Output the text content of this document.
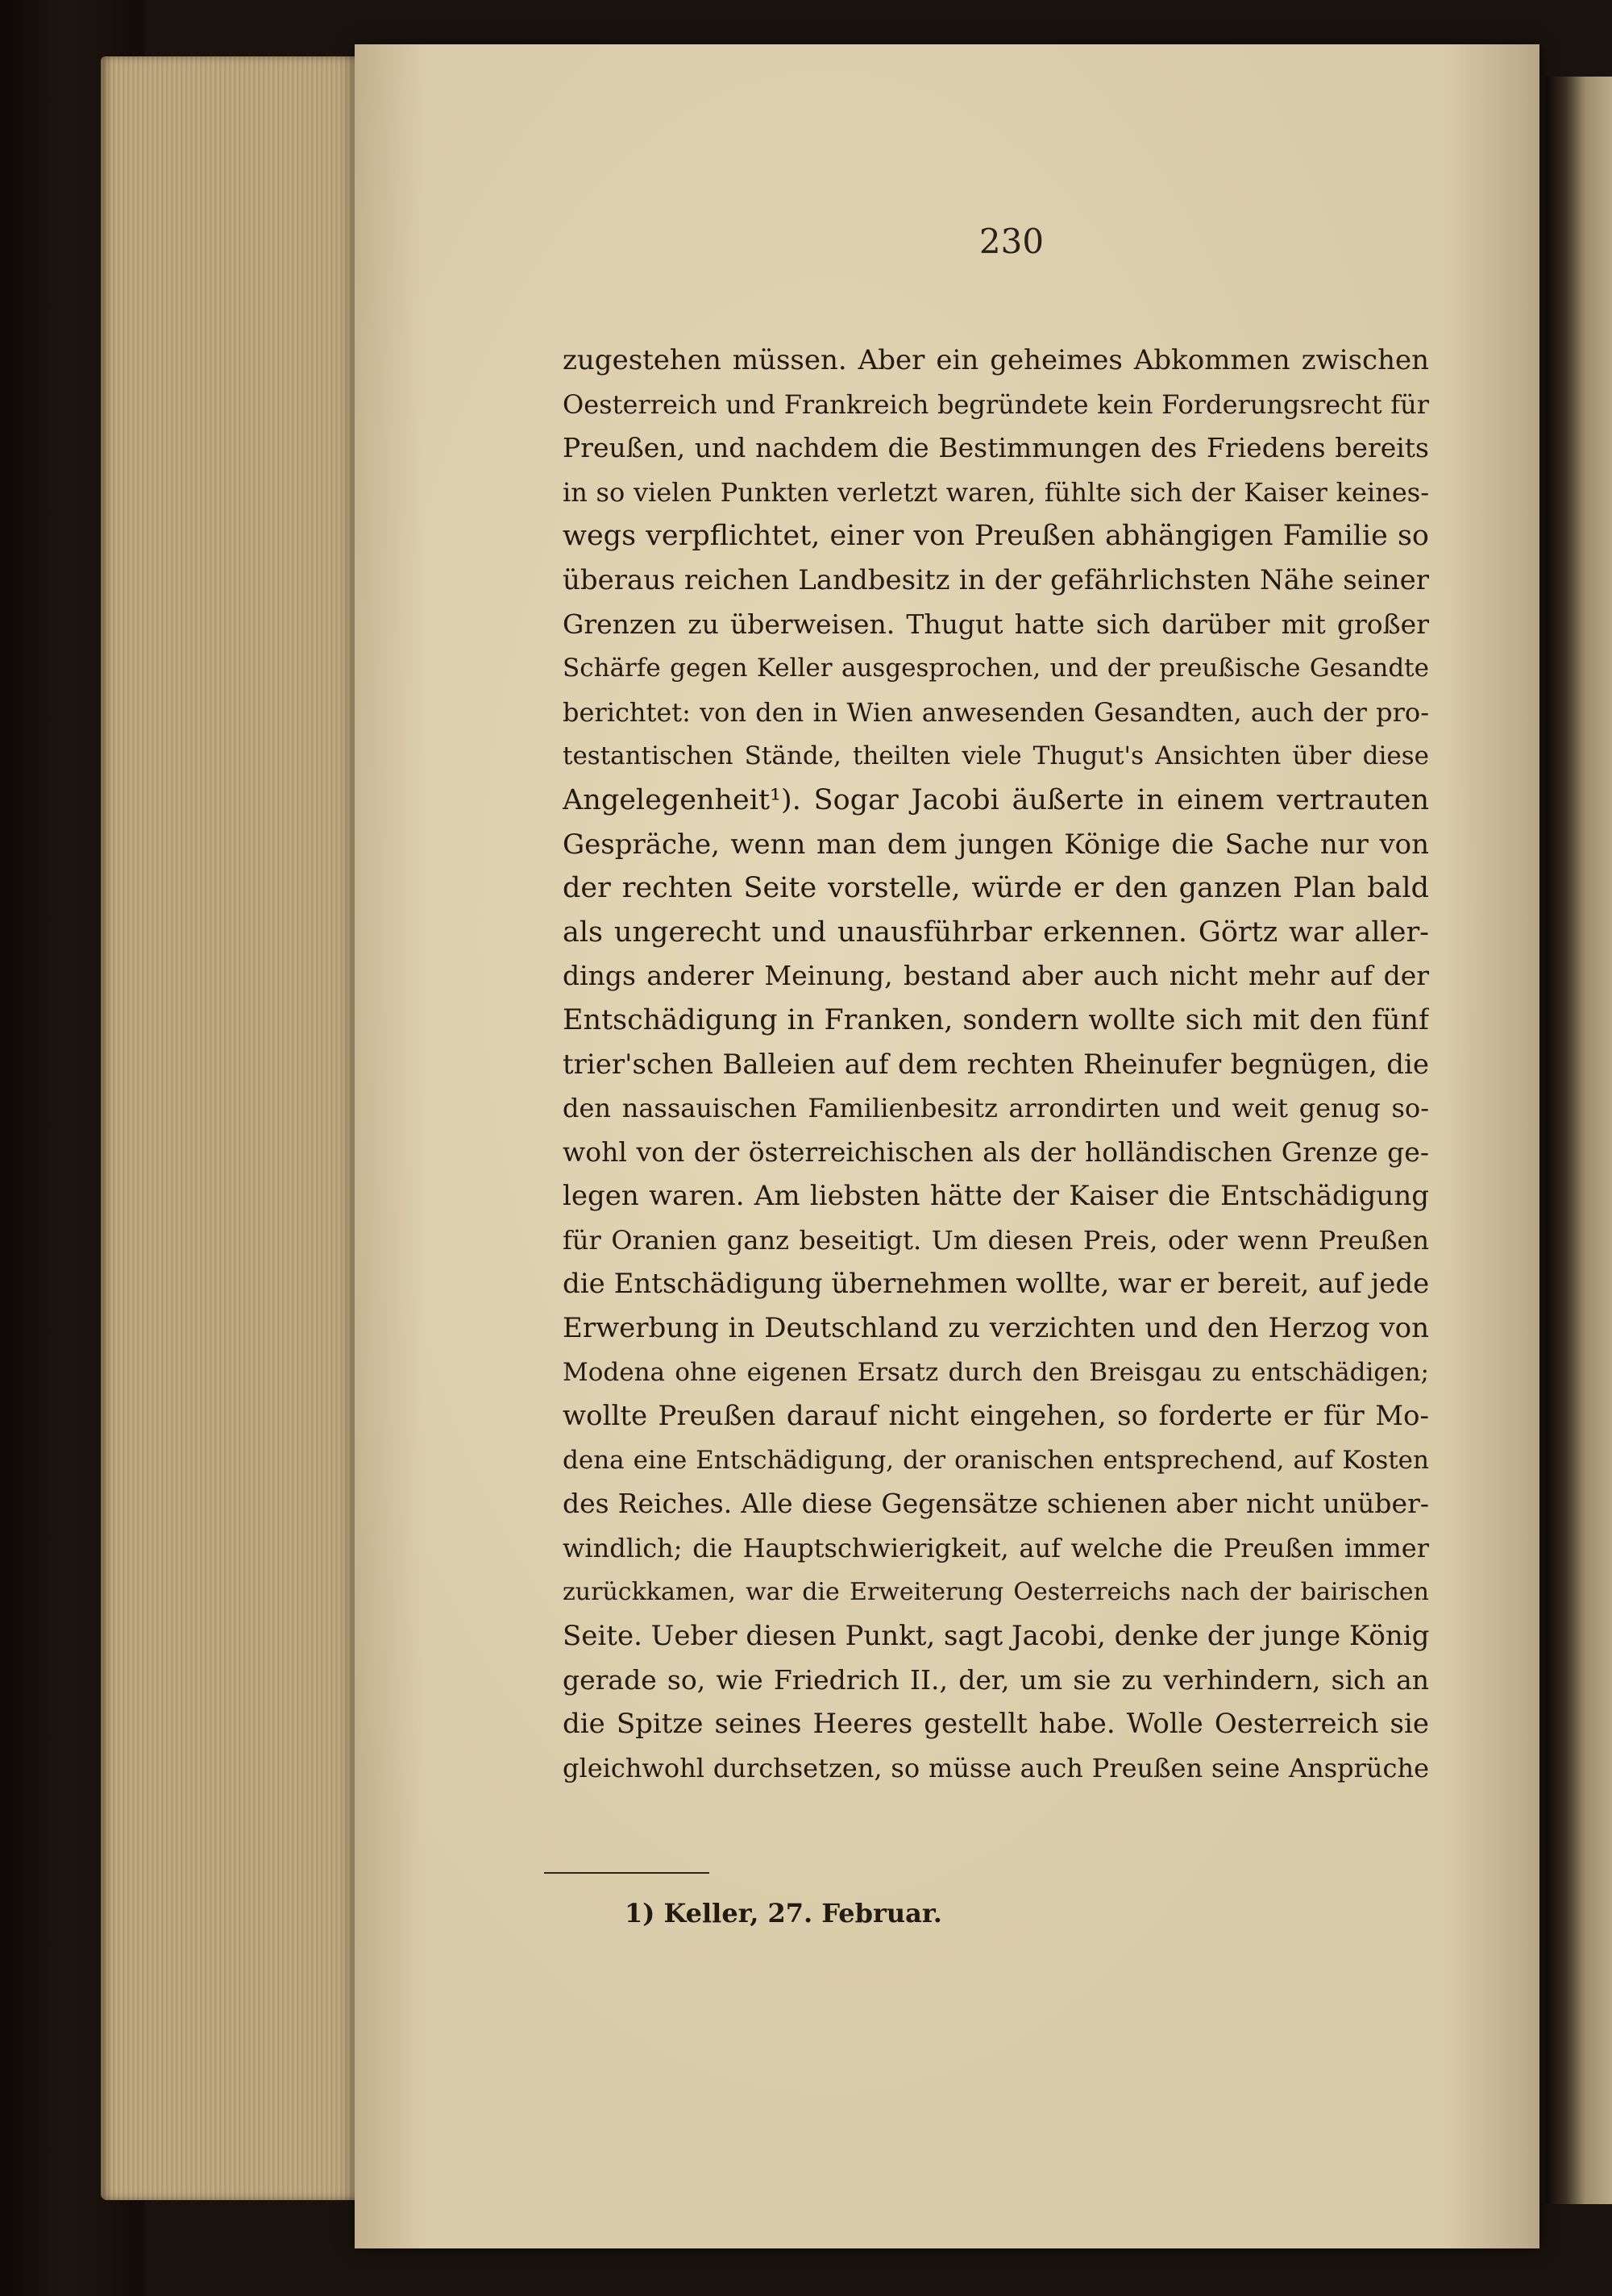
230
zugestehen müssen. Aber ein geheimes Abkommen zwischen
Oesterreich und Frankreich begründete kein Forderungsrecht für
Preußen, und nachdem die Bestimmungen des Friedens bereits
in so vielen Punkten verletzt waren, fühlte sich der Kaiser keines-
wegs verpflichtet, einer von Preußen abhängigen Familie so
überaus reichen Landbesitz in der gefährlichsten Nähe seiner
Grenzen zu überweisen. Thugut hatte sich darüber mit großer
Schärfe gegen Keller ausgesprochen, und der preußische Gesandte
berichtet: von den in Wien anwesenden Gesandten, auch der pro-
testantischen Stände, theilten viele Thugut's Ansichten über diese
Angelegenheit¹). Sogar Jacobi äußerte in einem vertrauten
Gespräche, wenn man dem jungen Könige die Sache nur von
der rechten Seite vorstelle, würde er den ganzen Plan bald
als ungerecht und unausführbar erkennen. Görtz war aller-
dings anderer Meinung, bestand aber auch nicht mehr auf der
Entschädigung in Franken, sondern wollte sich mit den fünf
trier'schen Balleien auf dem rechten Rheinufer begnügen, die
den nassauischen Familienbesitz arrondirten und weit genug so-
wohl von der österreichischen als der holländischen Grenze ge-
legen waren. Am liebsten hätte der Kaiser die Entschädigung
für Oranien ganz beseitigt. Um diesen Preis, oder wenn Preußen
die Entschädigung übernehmen wollte, war er bereit, auf jede
Erwerbung in Deutschland zu verzichten und den Herzog von
Modena ohne eigenen Ersatz durch den Breisgau zu entschädigen;
wollte Preußen darauf nicht eingehen, so forderte er für Mo-
dena eine Entschädigung, der oranischen entsprechend, auf Kosten
des Reiches. Alle diese Gegensätze schienen aber nicht unüber-
windlich; die Hauptschwierigkeit, auf welche die Preußen immer
zurückkamen, war die Erweiterung Oesterreichs nach der bairischen
Seite. Ueber diesen Punkt, sagt Jacobi, denke der junge König
gerade so, wie Friedrich II., der, um sie zu verhindern, sich an
die Spitze seines Heeres gestellt habe. Wolle Oesterreich sie
gleichwohl durchsetzen, so müsse auch Preußen seine Ansprüche
1) Keller, 27. Februar.
